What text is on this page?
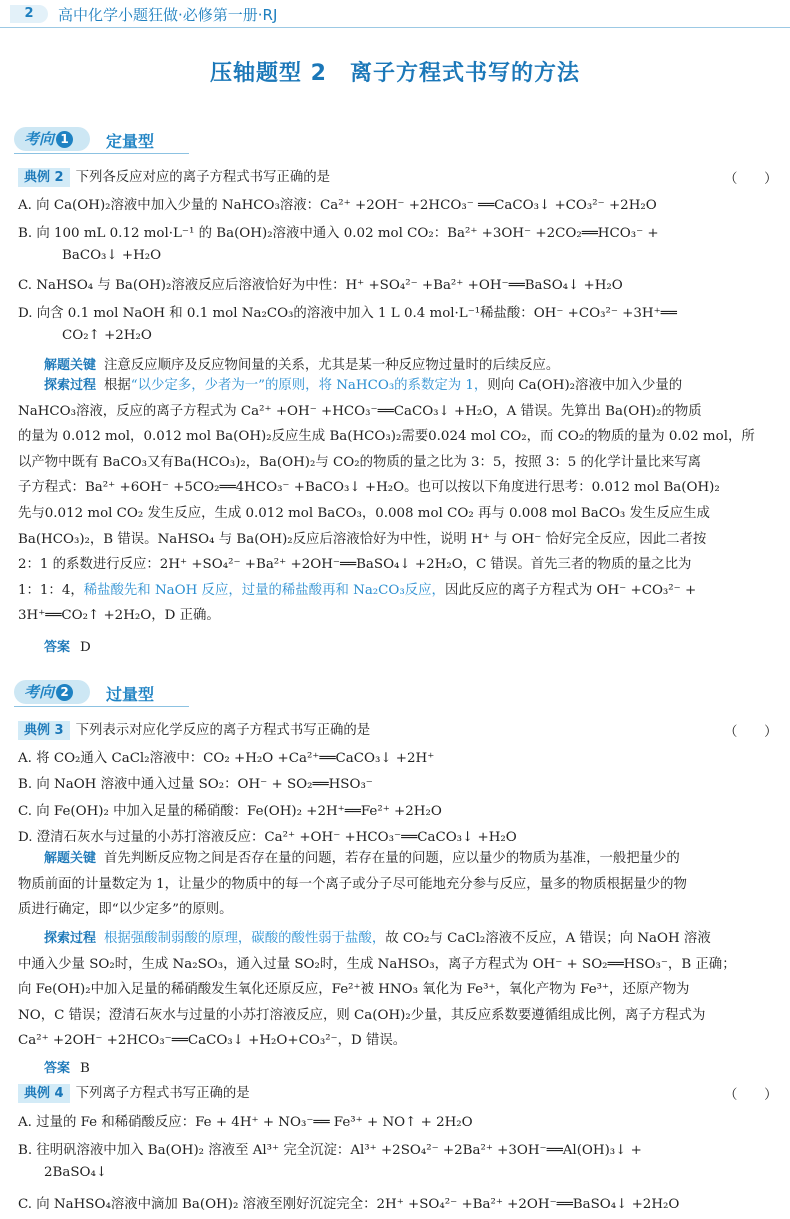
2	高中化学小题狂做·必修第一册·RJ
压轴题型 2　离子方程式书写的方法
考向 1	定量型
典例 2 下列各反应对应的离子方程式书写正确的是	（　　）
A. 向 Ca(OH)₂溶液中加入少量的 NaHCO₃溶液：Ca²⁺ +2OH⁻ +2HCO₃⁻ ══CaCO₃↓ +CO₃²⁻ +2H₂O
B. 向 100 mL 0.12 mol·L⁻¹ 的 Ba(OH)₂溶液中通入 0.02 mol CO₂：Ba²⁺ +3OH⁻ +2CO₂══HCO₃⁻ +
BaCO₃↓ +H₂O
C. NaHSO₄ 与 Ba(OH)₂溶液反应后溶液恰好为中性：H⁺ +SO₄²⁻ +Ba²⁺ +OH⁻══BaSO₄↓ +H₂O
D. 向含 0.1 mol NaOH 和 0.1 mol Na₂CO₃的溶液中加入 1 L 0.4 mol·L⁻¹稀盐酸：OH⁻ +CO₃²⁻ +3H⁺══
CO₂↑ +2H₂O
解题关键 注意反应顺序及反应物间量的关系，尤其是某一种反应物过量时的后续反应。
探索过程 根据“以少定多，少者为一”的原则，将 NaHCO₃的系数定为 1，则向 Ca(OH)₂溶液中加入少量的
NaHCO₃溶液，反应的离子方程式为 Ca²⁺ +OH⁻ +HCO₃⁻══CaCO₃↓ +H₂O，A 错误。先算出 Ba(OH)₂的物质
的量为 0.012 mol，0.012 mol Ba(OH)₂反应生成 Ba(HCO₃)₂需要0.024 mol CO₂，而 CO₂的物质的量为 0.02 mol，所
以产物中既有 BaCO₃又有Ba(HCO₃)₂，Ba(OH)₂与 CO₂的物质的量之比为 3：5，按照 3：5 的化学计量比来写离
子方程式：Ba²⁺ +6OH⁻ +5CO₂══4HCO₃⁻ +BaCO₃↓ +H₂O。也可以按以下角度进行思考：0.012 mol Ba(OH)₂
先与0.012 mol CO₂ 发生反应，生成 0.012 mol BaCO₃，0.008 mol CO₂ 再与 0.008 mol BaCO₃ 发生反应生成
Ba(HCO₃)₂，B 错误。NaHSO₄ 与 Ba(OH)₂反应后溶液恰好为中性，说明 H⁺ 与 OH⁻ 恰好完全反应，因此二者按
2：1 的系数进行反应：2H⁺ +SO₄²⁻ +Ba²⁺ +2OH⁻══BaSO₄↓ +2H₂O，C 错误。首先三者的物质的量之比为
1：1：4，稀盐酸先和 NaOH 反应，过量的稀盐酸再和 Na₂CO₃反应，因此反应的离子方程式为 OH⁻ +CO₃²⁻ +
3H⁺══CO₂↑ +2H₂O，D 正确。
答案 D
考向 2	过量型
典例 3 下列表示对应化学反应的离子方程式书写正确的是	（　　）
A. 将 CO₂通入 CaCl₂溶液中：CO₂ +H₂O +Ca²⁺══CaCO₃↓ +2H⁺
B. 向 NaOH 溶液中通入过量 SO₂：OH⁻ + SO₂══HSO₃⁻
C. 向 Fe(OH)₂ 中加入足量的稀硝酸：Fe(OH)₂ +2H⁺══Fe²⁺ +2H₂O
D. 澄清石灰水与过量的小苏打溶液反应：Ca²⁺ +OH⁻ +HCO₃⁻══CaCO₃↓ +H₂O
解题关键 首先判断反应物之间是否存在量的问题，若存在量的问题，应以量少的物质为基准，一般把量少的
物质前面的计量数定为 1，让量少的物质中的每一个离子或分子尽可能地充分参与反应，量多的物质根据量少的物
质进行确定，即“以少定多”的原则。
探索过程 根据强酸制弱酸的原理，碳酸的酸性弱于盐酸，故 CO₂与 CaCl₂溶液不反应，A 错误；向 NaOH 溶液
中通入少量 SO₂时，生成 Na₂SO₃，通入过量 SO₂时，生成 NaHSO₃，离子方程式为 OH⁻ + SO₂══HSO₃⁻，B 正确；
向 Fe(OH)₂中加入足量的稀硝酸发生氧化还原反应，Fe²⁺被 HNO₃ 氧化为 Fe³⁺，氧化产物为 Fe³⁺，还原产物为
NO，C 错误；澄清石灰水与过量的小苏打溶液反应，则 Ca(OH)₂少量，其反应系数要遵循组成比例，离子方程式为
Ca²⁺ +2OH⁻ +2HCO₃⁻══CaCO₃↓ +H₂O+CO₃²⁻，D 错误。
答案 B
典例 4 下列离子方程式书写正确的是	（　　）
A. 过量的 Fe 和稀硝酸反应：Fe + 4H⁺ + NO₃⁻══ Fe³⁺ + NO↑ + 2H₂O
B. 往明矾溶液中加入 Ba(OH)₂ 溶液至 Al³⁺ 完全沉淀：Al³⁺ +2SO₄²⁻ +2Ba²⁺ +3OH⁻══Al(OH)₃↓ +
2BaSO₄↓
C. 向 NaHSO₄溶液中滴加 Ba(OH)₂ 溶液至刚好沉淀完全：2H⁺ +SO₄²⁻ +Ba²⁺ +2OH⁻══BaSO₄↓ +2H₂O
